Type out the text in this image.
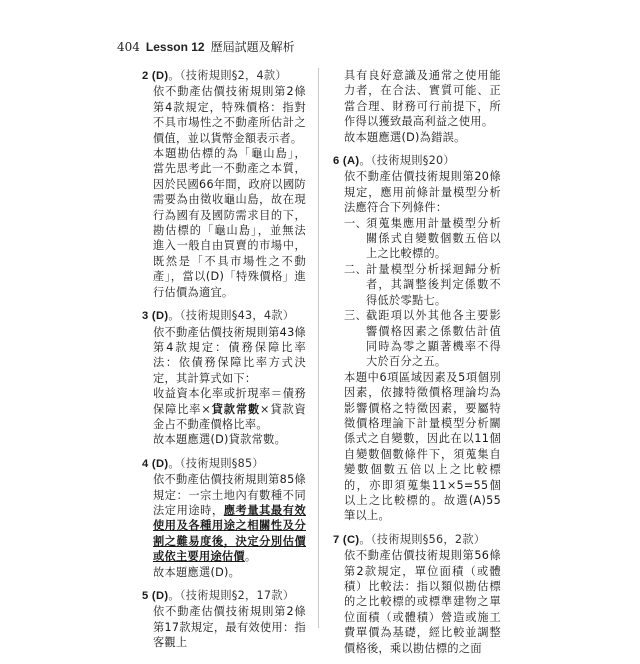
404 Lesson 12 歷屆試題及解析
2 (D)。（技術規則§2，4款）

依不動產估價技術規則第2條第4款規定，特殊價格：指對不具市場性之不動產所估計之價值，並以貨幣金額表示者。

本題勘估標的為「龜山島」，當先思考此一不動產之本質，因於民國66年間，政府以國防需要為由徵收龜山島，故在現行為國有及國防需求目的下，勘估標的「龜山島」，並無法進入一般自由買賣的市場中，既然是「不具市場性之不動產」，當以(D)「特殊價格」進行估價為適宜。

3 (D)。（技術規則§43，4款）

依不動產估價技術規則第43條第4款規定：債務保障比率法：依債務保障比率方式決定，其計算式如下：

收益資本化率或折現率＝債務保障比率×貸款常數×貸款資金占不動產價格比率。

故本題應選(D)貸款常數。

4 (D)。（技術規則§85）

依不動產估價技術規則第85條規定：一宗土地內有數種不同法定用途時，應考量其最有效使用及各種用途之相關性及分割之難易度後，決定分別估價或依主要用途估價。

故本題應選(D)。

5 (D)。（技術規則§2，17款）

依不動產估價技術規則第2條第17款規定，最有效使用：指客觀上

具有良好意識及通常之使用能力者，在合法、實質可能、正當合理、財務可行前提下，所作得以獲致最高利益之使用。

故本題應選(D)為錯誤。

6 (A)。（技術規則§20）

依不動產估價技術規則第20條規定，應用前條計量模型分析法應符合下列條件：

一、 須蒐集應用計量模型分析關係式自變數個數五倍以上之比較標的。
二、 計量模型分析採迴歸分析者，其調整後判定係數不得低於零點七。
三、 截距項以外其他各主要影響價格因素之係數估計值同時為零之顯著機率不得大於百分之五。

本題中6項區域因素及5項個別因素，依據特徵價格理論均為影響價格之特徵因素，要屬特徵價格理論下計量模型分析關係式之自變數，因此在以11個自變數個數條件下，須蒐集自變數個數五倍以上之比較標的，亦即須蒐集11×5=55個以上之比較標的。故選(A)55筆以上。

7 (C)。（技術規則§56，2款）

依不動產估價技術規則第56條第2款規定，單位面積（或體積）比較法：指以類似勘估標的之比較標的或標準建物之單位面積（或體積）營造或施工費單價為基礎，經比較並調整價格後，乘以勘估標的之面
